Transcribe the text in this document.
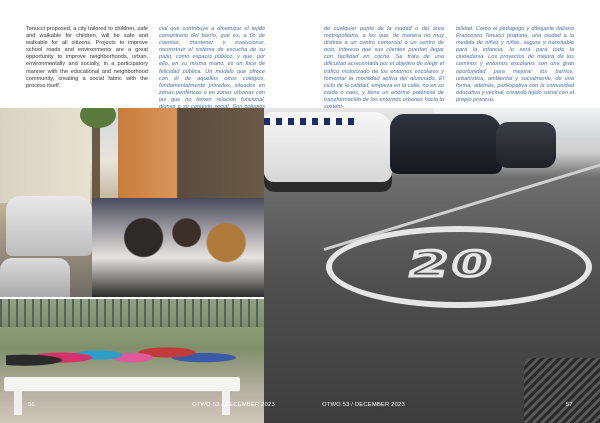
Tonucci proposed, a city tailored to children, safe and walkable for children, will be safe and walkable for all citizens. Projects to improve school roads and environments are a great opportunity to improve neighborhoods, urban, environmentally and socially, in a participatory manner with the educational and neighborhood community, creating a social fabric with the process itself.
cial que contribuye a dinamizar el tejido comunitario del barrio, que es, a fin de cuentas, mantener y evolucionar, reconstruir el sistema de escucha de su patio, como espacio público, y que, por ello, en su misma mano, es un foco de felicidad pública. Un modelo que ofrece con él de aquellos otros colegios, fundamentalmente privados, situados en zonas periféricas o en zonas urbanas con las que no tienen relación funcional,
de cualquier punto de la ciudad o del área metropolitana, a los que, de manera no muy distinta a un centro comercial o un centro de ocio, interesa que sus clientes puedan llegar con facilidad en coche. Se trata de una dificultad acrecentada por el objetivo de elegir el tráfico motorizado de los entornos escolares y fomentar la movilidad activa del alumnado. El ciclo de la calidad, empieza en la calle, no en su caída o caos, y tiene un enorme potencial de transformación de los entornos urbanos hacia la
bilidad. Como el pedagogo y dibujante italiano Francesco Tonucci propone, una ciudad a la medida de niñas y niños, segura y transitable para la infancia, lo será para toda la ciudadanía. Los proyectos de mejora de los caminos y entornos escolares son una gran oportunidad para mejorar los barrios, urbanística, ambiental y socialmente, de una forma, además, participativa con la comunidad educativa y vecinal, creando tejido social con el propio proceso.
20
56	OTWO 53 / DECEMBER 2023	OTWO 53 / DECEMBER 2023	57
